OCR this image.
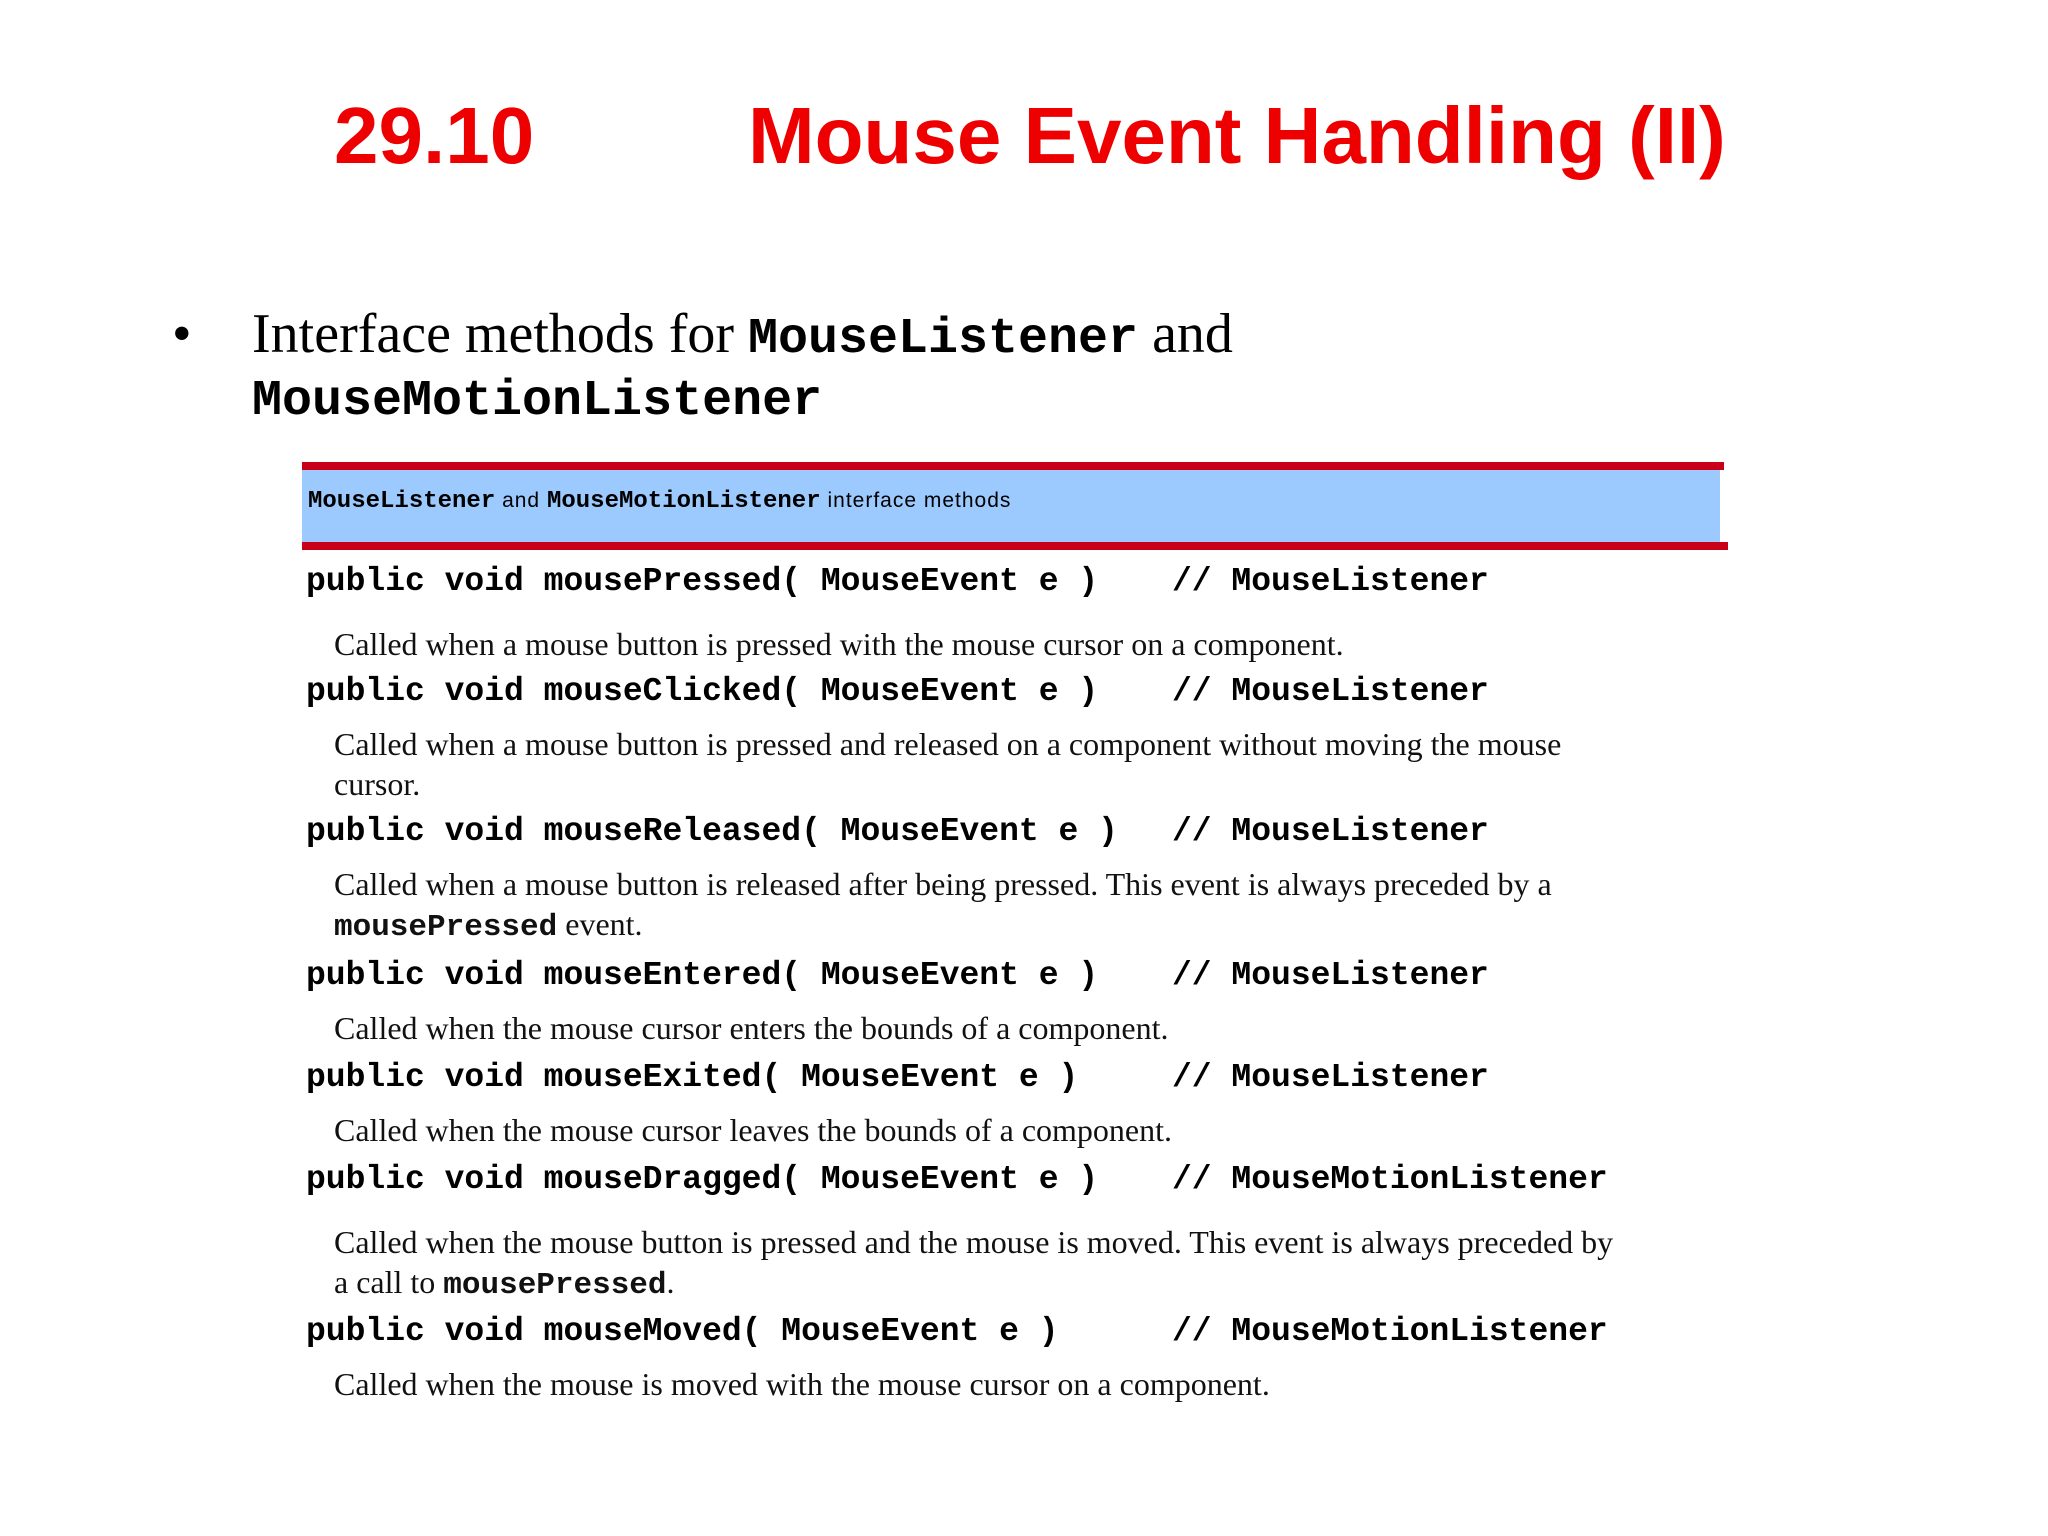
29.10	Mouse Event Handling (II)
• Interface methods for MouseListener and
MouseMotionListener
MouseListener and MouseMotionListener interface methods
public void mousePressed( MouseEvent e ) // MouseListener
Called when a mouse button is pressed with the mouse cursor on a component.
public void mouseClicked( MouseEvent e ) // MouseListener
Called when a mouse button is pressed and released on a component without moving the mouse cursor.
public void mouseReleased( MouseEvent e ) // MouseListener
Called when a mouse button is released after being pressed. This event is always preceded by a mousePressed event.
public void mouseEntered( MouseEvent e ) // MouseListener
Called when the mouse cursor enters the bounds of a component.
public void mouseExited( MouseEvent e )	// MouseListener
Called when the mouse cursor leaves the bounds of a component.
public void mouseDragged( MouseEvent e ) // MouseMotionListener
Called when the mouse button is pressed and the mouse is moved. This event is always preceded by a call to mousePressed.
public void mouseMoved( MouseEvent e )	// MouseMotionListener
Called when the mouse is moved with the mouse cursor on a component.
